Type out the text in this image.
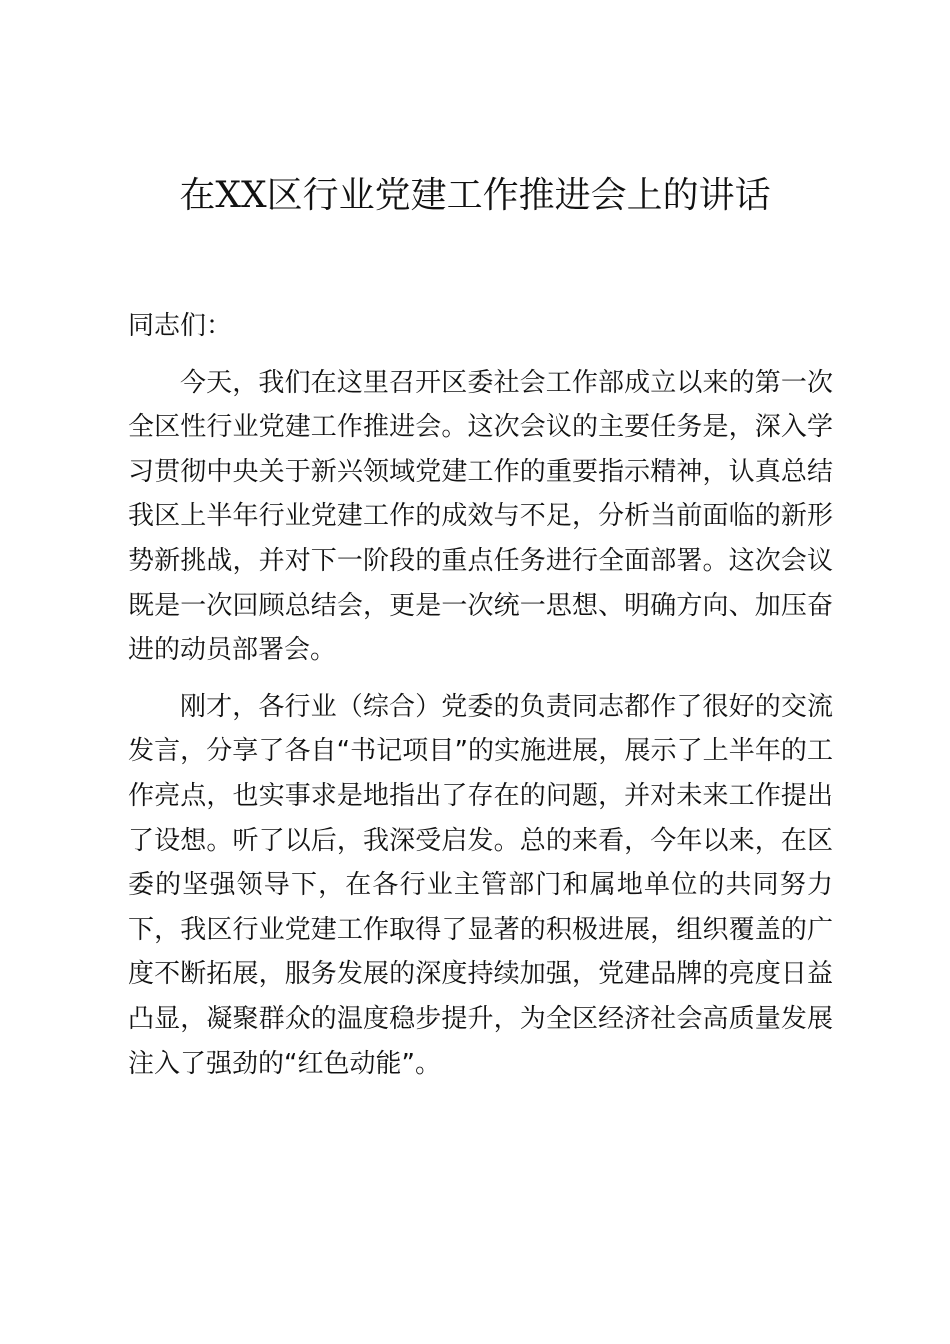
在XX区行业党建工作推进会上的讲话

同志们：

今天，我们在这里召开区委社会工作部成立以来的第一次全区性行业党建工作推进会。这次会议的主要任务是，深入学习贯彻中央关于新兴领域党建工作的重要指示精神，认真总结我区上半年行业党建工作的成效与不足，分析当前面临的新形势新挑战，并对下一阶段的重点任务进行全面部署。这次会议既是一次回顾总结会，更是一次统一思想、明确方向、加压奋进的动员部署会。

刚才，各行业（综合）党委的负责同志都作了很好的交流发言，分享了各自“书记项目”的实施进展，展示了上半年的工作亮点，也实事求是地指出了存在的问题，并对未来工作提出了设想。听了以后，我深受启发。总的来看，今年以来，在区委的坚强领导下，在各行业主管部门和属地单位的共同努力下，我区行业党建工作取得了显著的积极进展，组织覆盖的广度不断拓展，服务发展的深度持续加强，党建品牌的亮度日益凸显，凝聚群众的温度稳步提升，为全区经济社会高质量发展注入了强劲的“红色动能”。
